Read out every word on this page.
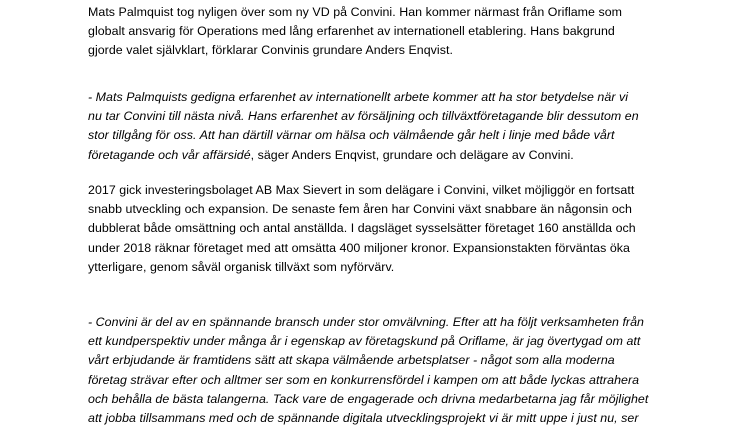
Mats Palmquist tog nyligen över som ny VD på Convini. Han kommer närmast från Oriflame som
globalt ansvarig för Operations med lång erfarenhet av internationell etablering. Hans bakgrund
gjorde valet självklart, förklarar Convinis grundare Anders Enqvist.
- Mats Palmquists gedigna erfarenhet av internationellt arbete kommer att ha stor betydelse när vi
nu tar Convini till nästa nivå. Hans erfarenhet av försäljning och tillväxtföretagande blir dessutom en
stor tillgång för oss. Att han därtill värnar om hälsa och välmående går helt i linje med både vårt
företagande och vår affärsidé, säger Anders Enqvist, grundare och delägare av Convini.
2017 gick investeringsbolaget AB Max Sievert in som delägare i Convini, vilket möjliggör en fortsatt
snabb utveckling och expansion. De senaste fem åren har Convini växt snabbare än någonsin och
dubblerat både omsättning och antal anställda. I dagsläget sysselsätter företaget 160 anställda och
under 2018 räknar företaget med att omsätta 400 miljoner kronor. Expansionstakten förväntas öka
ytterligare, genom såväl organisk tillväxt som nyförvärv.
- Convini är del av en spännande bransch under stor omvälvning. Efter att ha följt verksamheten från
ett kundperspektiv under många år i egenskap av företagskund på Oriflame, är jag övertygad om att
vårt erbjudande är framtidens sätt att skapa välmående arbetsplatser - något som alla moderna
företag strävar efter och alltmer ser som en konkurrensfördel i kampen om att både lyckas attrahera
och behålla de bästa talangerna. Tack vare de engagerade och drivna medarbetarna jag får möjlighet
att jobba tillsammans med och de spännande digitala utvecklingsprojekt vi är mitt uppe i just nu, ser
